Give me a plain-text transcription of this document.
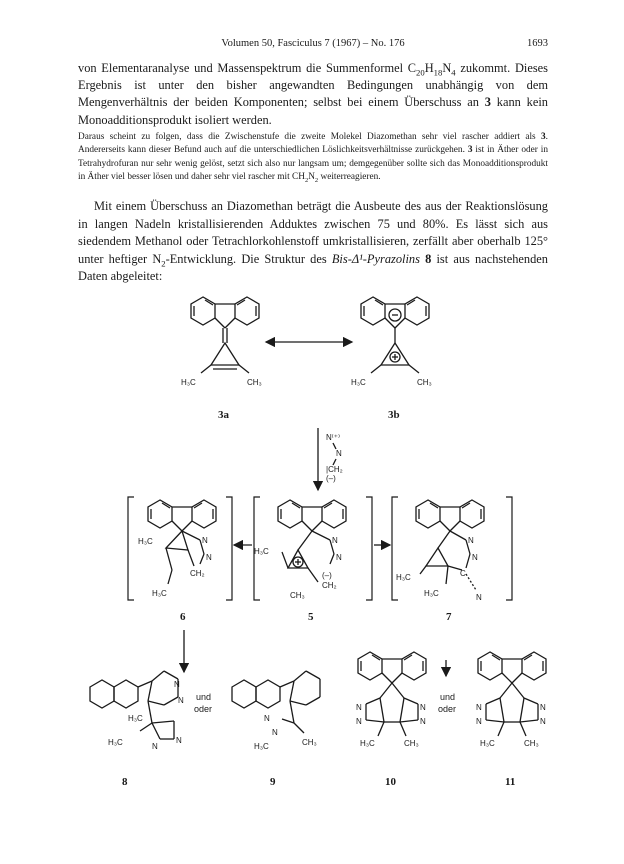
Volumen 50, Fasciculus 7 (1967) – No. 176	1693
von Elementaranalyse und Massenspektrum die Summenformel $C_{20}H_{18}N_4$ zukommt. Dieses Ergebnis ist unter den bisher angewandten Bedingungen unabhängig von dem Mengenverhältnis der beiden Komponenten; selbst bei einem Überschuss an 3 kann kein Monoadditionsprodukt isoliert werden.
Daraus scheint zu folgen, dass die Zwischenstufe die zweite Molekel Diazomethan sehr viel rascher addiert als 3. Andererseits kann dieser Befund auch auf die unterschiedlichen Löslichkeitsverhältnisse zurückgehen. 3 ist in Äther oder in Tetrahydrofuran nur sehr wenig gelöst, setzt sich also nur langsam um; demgegenüber sollte sich das Monoadditionsprodukt in Äther viel besser lösen und daher sehr viel rascher mit $CH_2N_2$ weiterreagieren.
Mit einem Überschuss an Diazomethan beträgt die Ausbeute des aus der Reaktionslösung in langen Nadeln kristallisierenden Adduktes zwischen 75 und 80%. Es lässt sich aus siedendem Methanol oder Tetrachlorkohlenstoff umkristallisieren, zerfällt aber oberhalb 125° unter heftiger $N_2$-Entwicklung. Die Struktur des Bis-Δ¹-Pyrazolins 8 ist aus nachstehenden Daten abgeleitet:
H₃C	CH₃
3a
H₃C	CH₃
3b
N⁽⁺⁾
N
|CH₂
(–)
H₃C
H₃C
N
N
CH₂
6
H₃C
N
N
(–)
CH₂
CH₃
5
H₃C
H₃C
N
N
C
N
7
N
N
H₃C
H₃C	N
N
8
und
oder
N
N
CH₃
H₃C
9
N
N
N
N
H₃C	CH₃
10
und
oder N
N
N
N
H₃C	CH₃
11
